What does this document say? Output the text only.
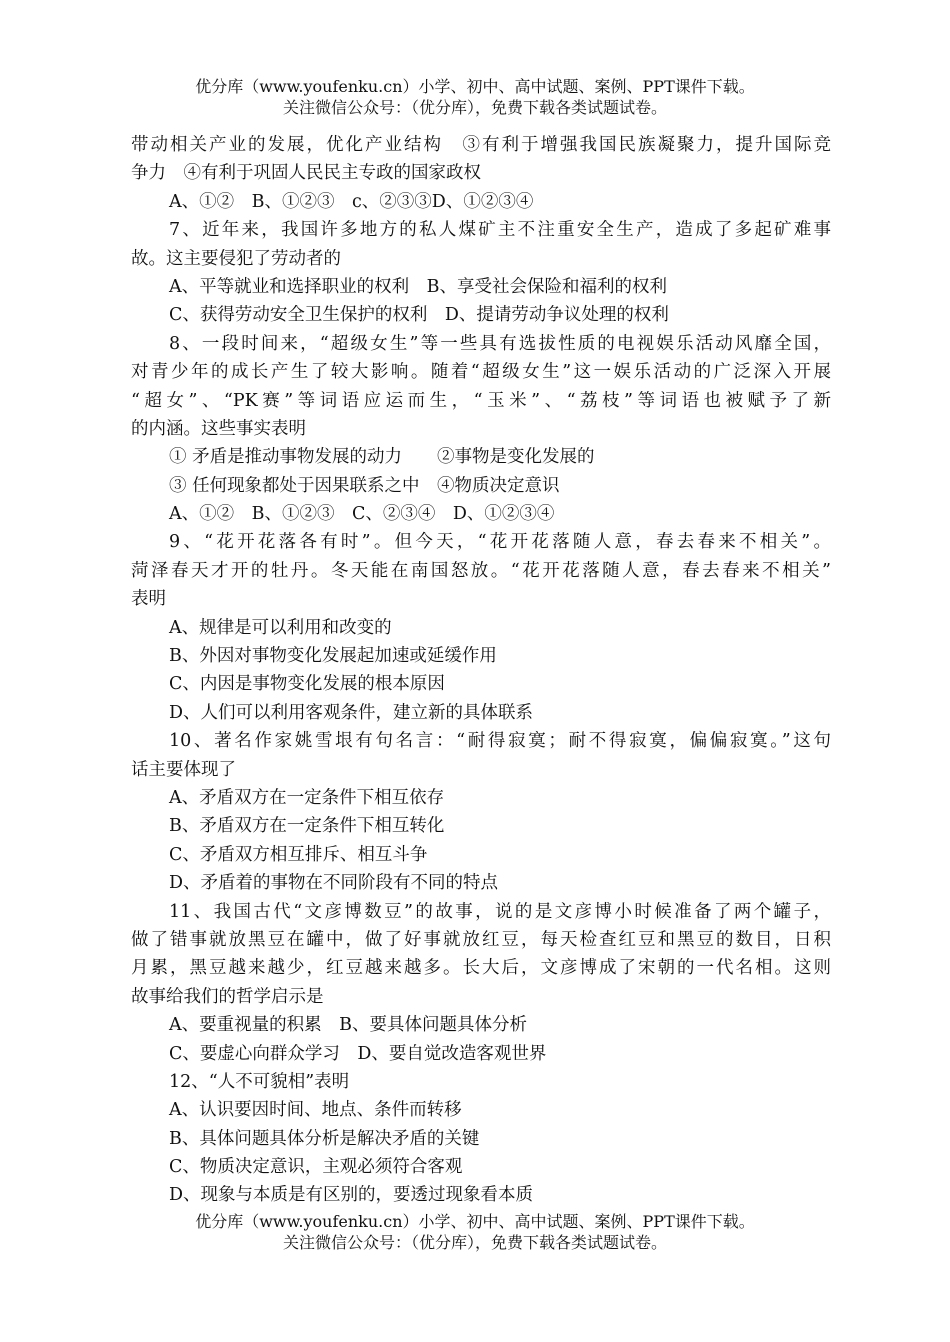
优分库（www.youfenku.cn）小学、初中、高中试题、案例、PPT课件下载。
关注微信公众号：（优分库），免费下载各类试题试卷。
带动相关产业的发展，优化产业结构　③有利于增强我国民族凝聚力，提升国际竞
争力　④有利于巩固人民民主专政的国家政权
A、①②　B、①②③　c、②③③D、①②③④
7、近年来，我国许多地方的私人煤矿主不注重安全生产，造成了多起矿难事
故。这主要侵犯了劳动者的
A、平等就业和选择职业的权利　B、享受社会保险和福利的权利
C、获得劳动安全卫生保护的权利　D、提请劳动争议处理的权利
8、一段时间来，“超级女生”等一些具有选拔性质的电视娱乐活动风靡全国，
对青少年的成长产生了较大影响。随着“超级女生”这一娱乐活动的广泛深入开展
“超女”、“PK赛”等词语应运而生，“玉米”、“荔枝”等词语也被赋予了新
的内涵。这些事实表明
① 矛盾是推动事物发展的动力　　②事物是变化发展的
③ 任何现象都处于因果联系之中　④物质决定意识
A、①②　B、①②③　C、②③④　D、①②③④
9、“花开花落各有时”。但今天，“花开花落随人意，春去春来不相关”。
菏泽春天才开的牡丹。冬天能在南国怒放。“花开花落随人意，春去春来不相关”
表明
A、规律是可以利用和改变的
B、外因对事物变化发展起加速或延缓作用
C、内因是事物变化发展的根本原因
D、人们可以利用客观条件，建立新的具体联系
10、著名作家姚雪垠有句名言：“耐得寂寞；耐不得寂寞，偏偏寂寞。”这句
话主要体现了
A、矛盾双方在一定条件下相互依存
B、矛盾双方在一定条件下相互转化
C、矛盾双方相互排斥、相互斗争
D、矛盾着的事物在不同阶段有不同的特点
11、我国古代“文彦博数豆”的故事，说的是文彦博小时候准备了两个罐子，
做了错事就放黑豆在罐中，做了好事就放红豆，每天检查红豆和黑豆的数目，日积
月累，黑豆越来越少，红豆越来越多。长大后，文彦博成了宋朝的一代名相。这则
故事给我们的哲学启示是
A、要重视量的积累　B、要具体问题具体分析
C、要虚心向群众学习　D、要自觉改造客观世界
12、“人不可貌相”表明
A、认识要因时间、地点、条件而转移
B、具体问题具体分析是解决矛盾的关键
C、物质决定意识，主观必须符合客观
D、现象与本质是有区别的，要透过现象看本质
优分库（www.youfenku.cn）小学、初中、高中试题、案例、PPT课件下载。
关注微信公众号：（优分库），免费下载各类试题试卷。
